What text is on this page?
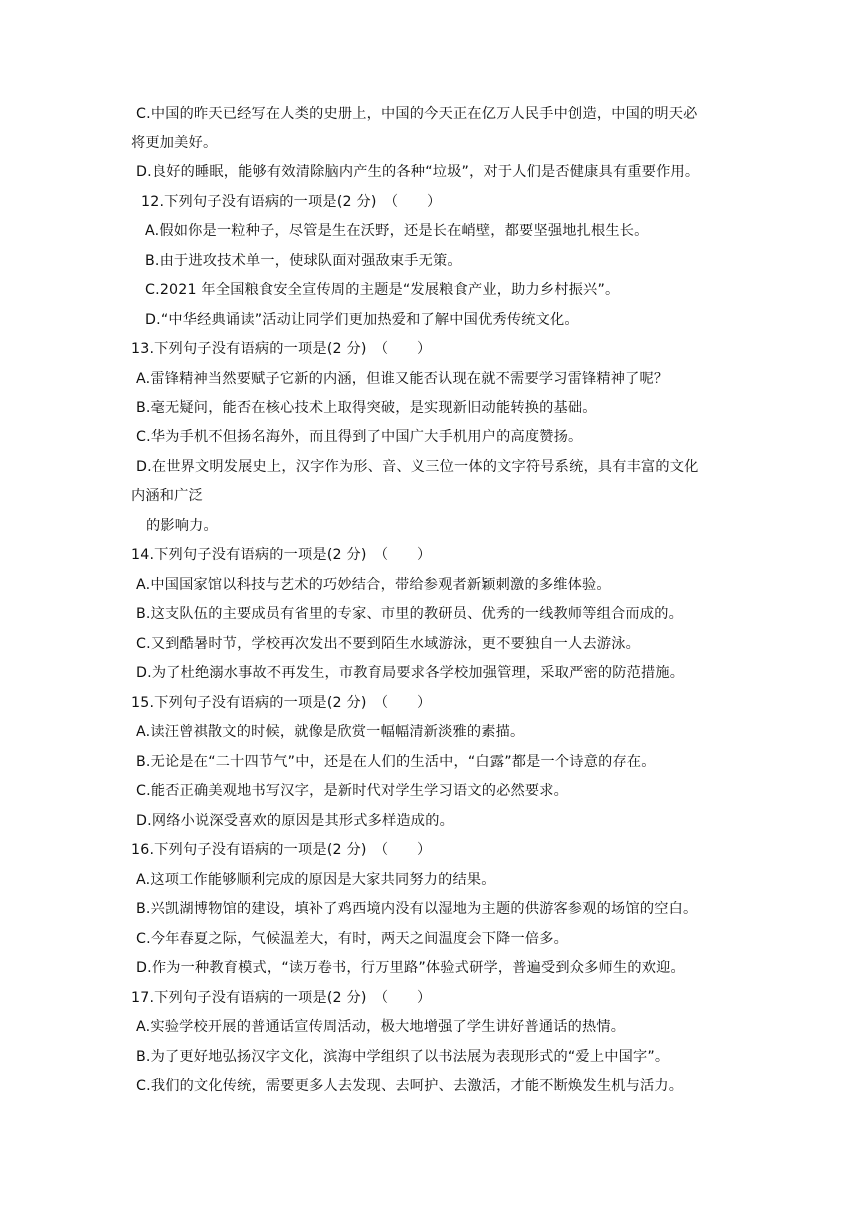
C.中国的昨天已经写在人类的史册上，中国的今天正在亿万人民手中创造，中国的明天必
将更加美好。
D.良好的睡眠，能够有效清除脑内产生的各种“垃圾”，对于人们是否健康具有重要作用。
12.下列句子没有语病的一项是(2 分)　（　　）
A.假如你是一粒种子，尽管是生在沃野，还是长在峭壁，都要坚强地扎根生长。
B.由于进攻技术单一，使球队面对强敌束手无策。
C.2021 年全国粮食安全宣传周的主题是“发展粮食产业，助力乡村振兴”。
D.“中华经典诵读”活动让同学们更加热爱和了解中国优秀传统文化。
13.下列句子没有语病的一项是(2 分)　（　　）
A.雷锋精神当然要赋子它新的内涵，但谁又能否认现在就不需要学习雷锋精神了呢？
B.毫无疑问，能否在核心技术上取得突破，是实现新旧动能转换的基础。
C.华为手机不但扬名海外，而且得到了中国广大手机用户的高度赞扬。
D.在世界文明发展史上，汉字作为形、音、义三位一体的文字符号系统，具有丰富的文化
内涵和广泛
的影响力。
14.下列句子没有语病的一项是(2 分)　（　　）
A.中国国家馆以科技与艺术的巧妙结合，带给参观者新颖刺激的多维体验。
B.这支队伍的主要成员有省里的专家、市里的教研员、优秀的一线教师等组合而成的。
C.又到酷暑时节，学校再次发出不要到陌生水域游泳，更不要独自一人去游泳。
D.为了杜绝溺水事故不再发生，市教育局要求各学校加强管理，采取严密的防范措施。
15.下列句子没有语病的一项是(2 分)　（　　）
A.读汪曾祺散文的时候，就像是欣赏一幅幅清新淡雅的素描。
B.无论是在“二十四节气”中，还是在人们的生活中，“白露”都是一个诗意的存在。
C.能否正确美观地书写汉字，是新时代对学生学习语文的必然要求。
D.网络小说深受喜欢的原因是其形式多样造成的。
16.下列句子没有语病的一项是(2 分)　（　　）
A.这项工作能够顺利完成的原因是大家共同努力的结果。
B.兴凯湖博物馆的建设，填补了鸡西境内没有以湿地为主题的供游客参观的场馆的空白。
C.今年春夏之际，气候温差大，有时，两天之间温度会下降一倍多。
D.作为一种教育模式，“读万卷书，行万里路”体验式研学，普遍受到众多师生的欢迎。
17.下列句子没有语病的一项是(2 分)　（　　）
A.实验学校开展的普通话宣传周活动，极大地增强了学生讲好普通话的热情。
B.为了更好地弘扬汉字文化，滨海中学组织了以书法展为表现形式的“爱上中国字”。
C.我们的文化传统，需要更多人去发现、去呵护、去激活，才能不断焕发生机与活力。
